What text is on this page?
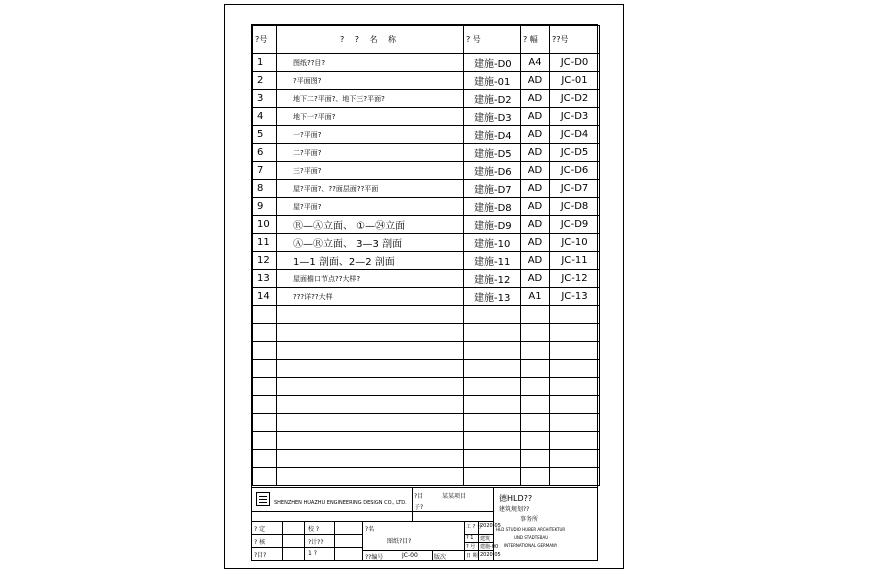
?号	? ? 名 称	? 号	? 幅	??号
1	图纸??目?	建施-D0	A4	JC-D0
2	?平面图?	建施-01	AD	JC-01
3	地下二?平面?、地下三?平面?	建施-D2	AD	JC-D2
4	地下一?平面?	建施-D3	AD	JC-D3
5	一?平面?	建施-D4	AD	JC-D4
6	二?平面?	建施-D5	AD	JC-D5
7	三?平面?	建施-D6	AD	JC-D6
8	屋?平面?、??面层面??平面	建施-D7	AD	JC-D7
9	屋?平面?	建施-D8	AD	JC-D8
10	Ⓡ—Ⓐ立面、 ①—㉔立面	建施-D9	AD	JC-D9
11	Ⓐ—Ⓡ立面、 3—3 剖面	建施-10	AD	JC-10
12	1—1 剖面、2—2 剖面	建施-11	AD	JC-11
13	屋面檐口节点??大样?	建施-12	AD	JC-12
14	???详??大样	建施-13	A1	JC-13

SHENZHEN HUAZHU ENGINEERING DESIGN CO., LTD.
?目	某某项目
子?
? 定	校 ?
? 核	?计??
?目?	1 ?
?名
图纸?目?
??编号	JC-00	版次
工 ? 号
2020-05
? 1 建筑
? 号 建施-00
日 期 2020.05
德HLD??
建筑规划??
事务所
HLD STUDIO HUBER ARCHITEKTUR
UND STADTEBAU
INTERNATIONAL GERMANY
